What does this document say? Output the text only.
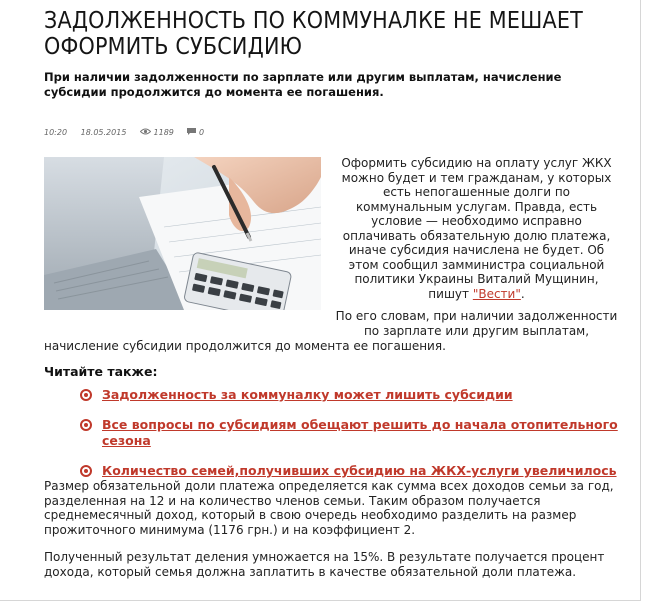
ЗАДОЛЖЕННОСТЬ ПО КОММУНАЛКЕ НЕ МЕШАЕТ ОФОРМИТЬ СУБСИДИЮ
При наличии задолженности по зарплате или другим выплатам, начисление субсидии продолжится до момента ее погашения.
10:20 18.05.2015	1189	0
Оформить субсидию на оплату услуг ЖКХ можно будет и тем гражданам, у которых есть непогашенные долги по коммунальным услугам. Правда, есть условие — необходимо исправно оплачивать обязательную долю платежа, иначе субсидия начислена не будет. Об этом сообщил замминистра социальной политики Украины Виталий Мущинин, пишут "Вести".
По его словам, при наличии задолженности по зарплате или другим выплатам,
начисление субсидии продолжится до момента ее погашения.
Читайте также:
Задолженность за коммуналку может лишить субсидии
Все вопросы по субсидиям обещают решить до начала отопительного сезона
Количество семей,получивших субсидию на ЖКХ-услуги увеличилось
Размер обязательной доли платежа определяется как сумма всех доходов семьи за год, разделенная на 12 и на количество членов семьи. Таким образом получается среднемесячный доход, который в свою очередь необходимо разделить на размер прожиточного минимума (1176 грн.) и на коэффициент 2.
Полученный результат деления умножается на 15%. В результате получается процент дохода, который семья должна заплатить в качестве обязательной доли платежа.
